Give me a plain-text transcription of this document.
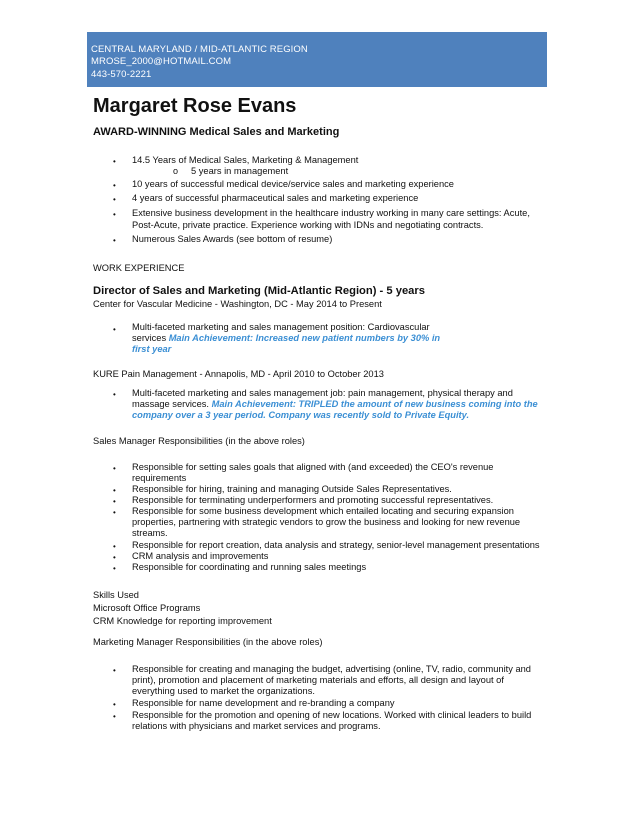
CENTRAL MARYLAND / MID-ATLANTIC REGION
MROSE_2000@HOTMAIL.COM
443-570-2221
Margaret Rose Evans
AWARD-WINNING Medical Sales and Marketing
• 14.5 Years of Medical Sales, Marketing & Management
o 5 years in management
• 10 years of successful medical device/service sales and marketing experience
• 4 years of successful pharmaceutical sales and marketing experience
• Extensive business development in the healthcare industry working in many care settings: Acute,
Post-Acute, private practice. Experience working with IDNs and negotiating contracts.
• Numerous Sales Awards (see bottom of resume)
WORK EXPERIENCE
Director of Sales and Marketing (Mid-Atlantic Region) - 5 years
Center for Vascular Medicine - Washington, DC - May 2014 to Present
• Multi-faceted marketing and sales management position: Cardiovascular
services Main Achievement: Increased new patient numbers by 30% in
first year
KURE Pain Management - Annapolis, MD - April 2010 to October 2013
• Multi-faceted marketing and sales management job: pain management, physical therapy and
massage services. Main Achievement: TRIPLED the amount of new business coming into the
company over a 3 year period. Company was recently sold to Private Equity.
Sales Manager Responsibilities (in the above roles)
• Responsible for setting sales goals that aligned with (and exceeded) the CEO's revenue
requirements
• Responsible for hiring, training and managing Outside Sales Representatives.
• Responsible for terminating underperformers and promoting successful representatives.
• Responsible for some business development which entailed locating and securing expansion
properties, partnering with strategic vendors to grow the business and looking for new revenue
streams.
• Responsible for report creation, data analysis and strategy, senior-level management presentations
• CRM analysis and improvements
• Responsible for coordinating and running sales meetings
Skills Used
Microsoft Office Programs
CRM Knowledge for reporting improvement
Marketing Manager Responsibilities (in the above roles)
• Responsible for creating and managing the budget, advertising (online, TV, radio, community and
print), promotion and placement of marketing materials and efforts, all design and layout of
everything used to market the organizations.
• Responsible for name development and re-branding a company
• Responsible for the promotion and opening of new locations. Worked with clinical leaders to build
relations with physicians and market services and programs.
